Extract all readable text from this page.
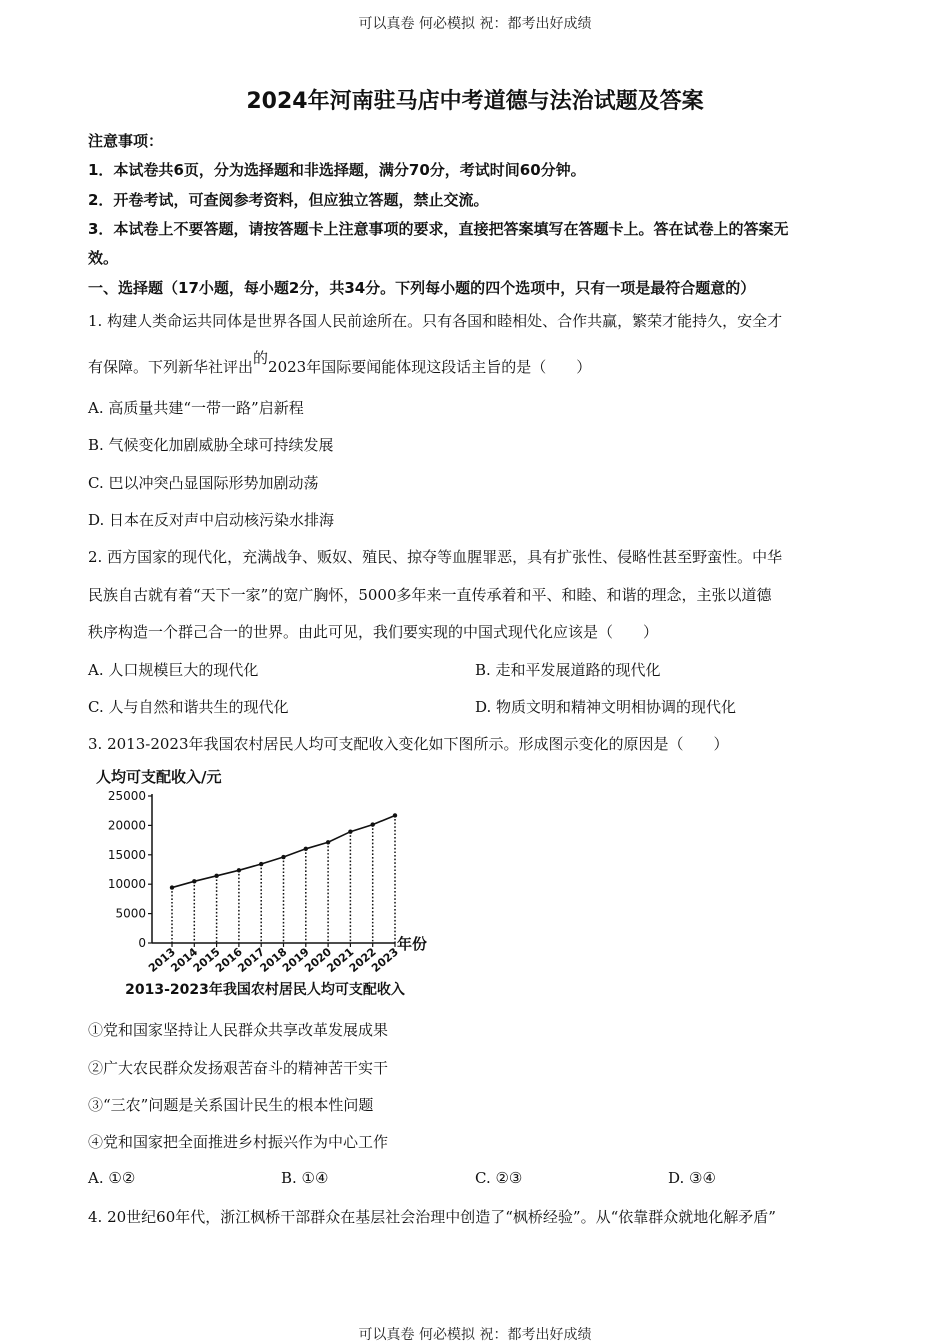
可以真卷 何必模拟 祝：都考出好成绩
2024年河南驻马店中考道德与法治试题及答案
注意事项：
1．本试卷共6页，分为选择题和非选择题，满分70分，考试时间60分钟。
2．开卷考试，可查阅参考资料，但应独立答题，禁止交流。
3．本试卷上不要答题，请按答题卡上注意事项的要求，直接把答案填写在答题卡上。答在试卷上的答案无
效。
一、选择题（17小题，每小题2分，共34分。下列每小题的四个选项中，只有一项是最符合题意的）
1. 构建人类命运共同体是世界各国人民前途所在。只有各国和睦相处、合作共赢，繁荣才能持久，安全才
有保障。下列新华社评出的2023年国际要闻能体现这段话主旨的是（　　）
A. 高质量共建“一带一路”启新程
B. 气候变化加剧威胁全球可持续发展
C. 巴以冲突凸显国际形势加剧动荡
D. 日本在反对声中启动核污染水排海
2. 西方国家的现代化，充满战争、贩奴、殖民、掠夺等血腥罪恶，具有扩张性、侵略性甚至野蛮性。中华
民族自古就有着“天下一家”的宽广胸怀，5000多年来一直传承着和平、和睦、和谐的理念，主张以道德
秩序构造一个群己合一的世界。由此可见，我们要实现的中国式现代化应该是（　　）
A. 人口规模巨大的现代化	B. 走和平发展道路的现代化
C. 人与自然和谐共生的现代化	D. 物质文明和精神文明相协调的现代化
3. 2013-2023年我国农村居民人均可支配收入变化如下图所示。形成图示变化的原因是（　　）
人均可支配收入/元
0
5000
10000
15000
20000
25000
2013
2014
2015
2016
2017
2018
2019
2020
2021
2022
2023
年份
2013-2023年我国农村居民人均可支配收入
①党和国家坚持让人民群众共享改革发展成果
②广大农民群众发扬艰苦奋斗的精神苦干实干
③“三农”问题是关系国计民生的根本性问题
④党和国家把全面推进乡村振兴作为中心工作
A. ①②	B. ①④	C. ②③	D. ③④
4. 20世纪60年代，浙江枫桥干部群众在基层社会治理中创造了“枫桥经验”。从“依靠群众就地化解矛盾”
可以真卷 何必模拟 祝：都考出好成绩
